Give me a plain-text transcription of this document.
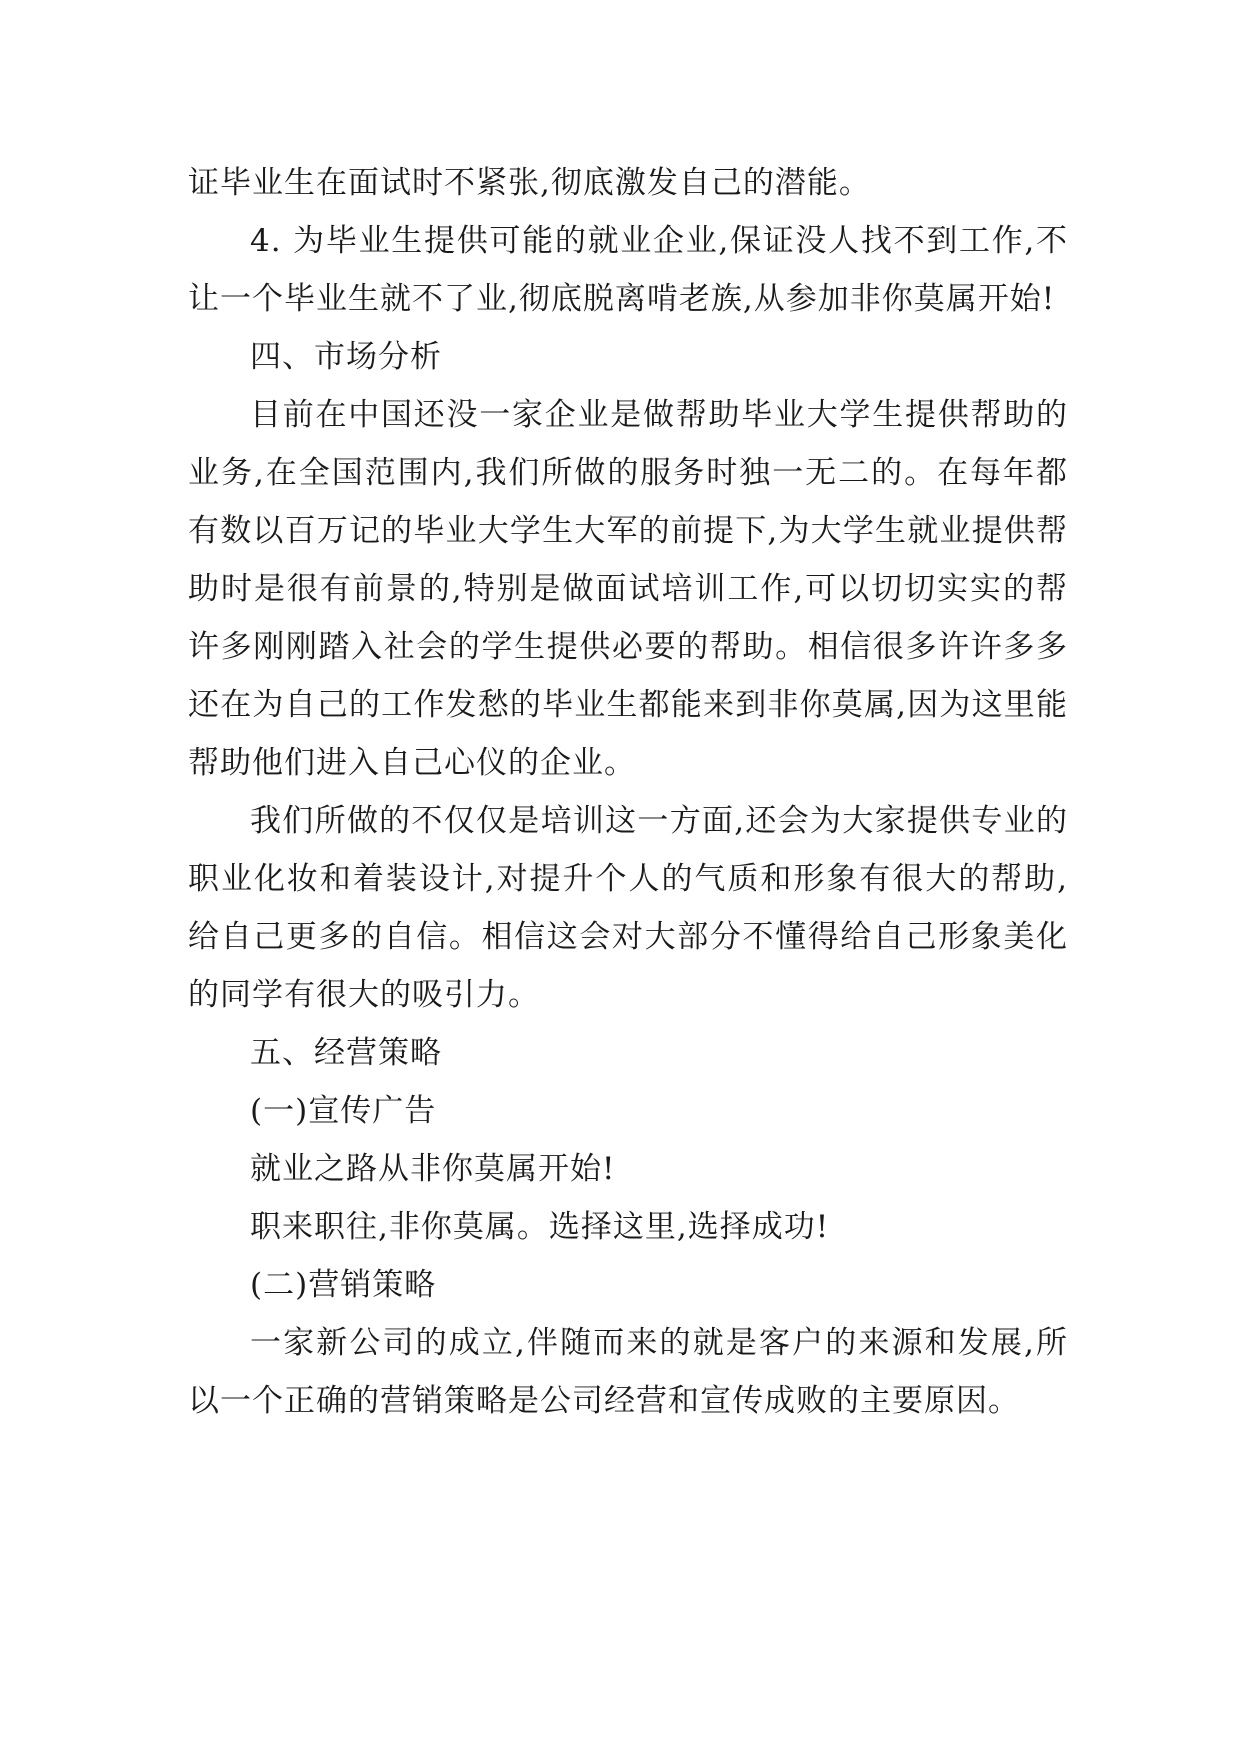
证毕业生在面试时不紧张,彻底激发自己的潜能。

4. 为毕业生提供可能的就业企业,保证没人找不到工作,不让一个毕业生就不了业,彻底脱离啃老族,从参加非你莫属开始!

四、市场分析

目前在中国还没一家企业是做帮助毕业大学生提供帮助的业务,在全国范围内,我们所做的服务时独一无二的。在每年都有数以百万记的毕业大学生大军的前提下,为大学生就业提供帮助时是很有前景的,特别是做面试培训工作,可以切切实实的帮许多刚刚踏入社会的学生提供必要的帮助。相信很多许许多多还在为自己的工作发愁的毕业生都能来到非你莫属,因为这里能帮助他们进入自己心仪的企业。

我们所做的不仅仅是培训这一方面,还会为大家提供专业的职业化妆和着装设计,对提升个人的气质和形象有很大的帮助,给自己更多的自信。相信这会对大部分不懂得给自己形象美化的同学有很大的吸引力。

五、经营策略

(一)宣传广告

就业之路从非你莫属开始!

职来职往,非你莫属。选择这里,选择成功!

(二)营销策略

一家新公司的成立,伴随而来的就是客户的来源和发展,所以一个正确的营销策略是公司经营和宣传成败的主要原因。
